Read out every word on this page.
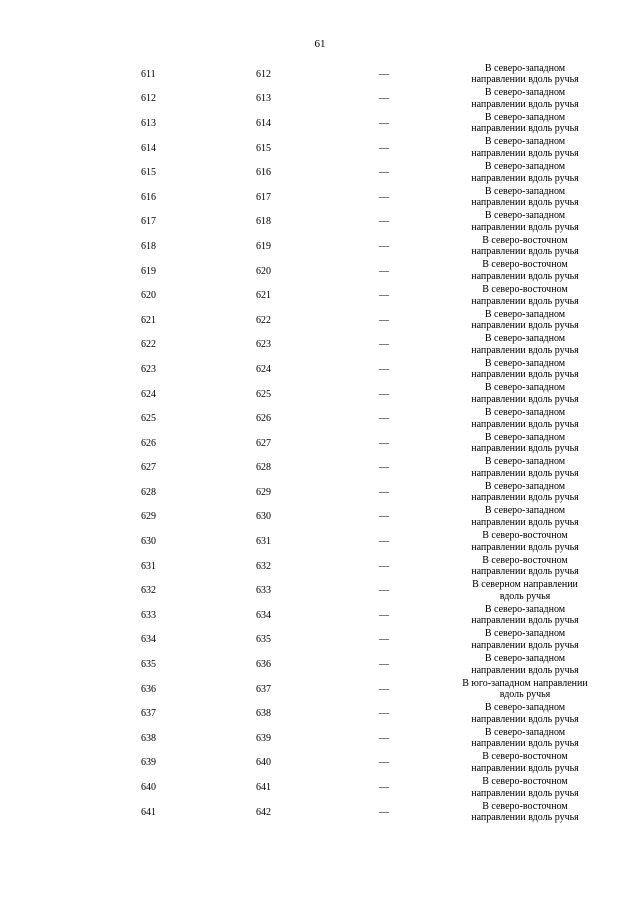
61
611	612	—
В северо-западном
направлении вдоль ручья
612	613	—
В северо-западном
направлении вдоль ручья
613	614	—
В северо-западном
направлении вдоль ручья
614	615	—
В северо-западном
направлении вдоль ручья
615	616	—
В северо-западном
направлении вдоль ручья
616	617	—
В северо-западном
направлении вдоль ручья
617	618	—
В северо-западном
направлении вдоль ручья
618	619	—
В северо-восточном
направлении вдоль ручья
619	620	—
В северо-восточном
направлении вдоль ручья
620	621	—
В северо-восточном
направлении вдоль ручья
621	622	—
В северо-западном
направлении вдоль ручья
622	623	—
В северо-западном
направлении вдоль ручья
623	624	—
В северо-западном
направлении вдоль ручья
624	625	—
В северо-западном
направлении вдоль ручья
625	626	—
В северо-западном
направлении вдоль ручья
626	627	—
В северо-западном
направлении вдоль ручья
627	628	—
В северо-западном
направлении вдоль ручья
628	629	—
В северо-западном
направлении вдоль ручья
629	630	—
В северо-западном
направлении вдоль ручья
630	631	—
В северо-восточном
направлении вдоль ручья
631	632	—
В северо-восточном
направлении вдоль ручья
632	633	—
В северном направлении
вдоль ручья
633	634	—
В северо-западном
направлении вдоль ручья
634	635	—
В северо-западном
направлении вдоль ручья
635	636	—
В северо-западном
направлении вдоль ручья
636	637	—
В юго-западном направлении
вдоль ручья
637	638	—
В северо-западном
направлении вдоль ручья
638	639	—
В северо-западном
направлении вдоль ручья
639	640	—
В северо-восточном
направлении вдоль ручья
640	641	—
В северо-восточном
направлении вдоль ручья
641	642	—
В северо-восточном
направлении вдоль ручья
